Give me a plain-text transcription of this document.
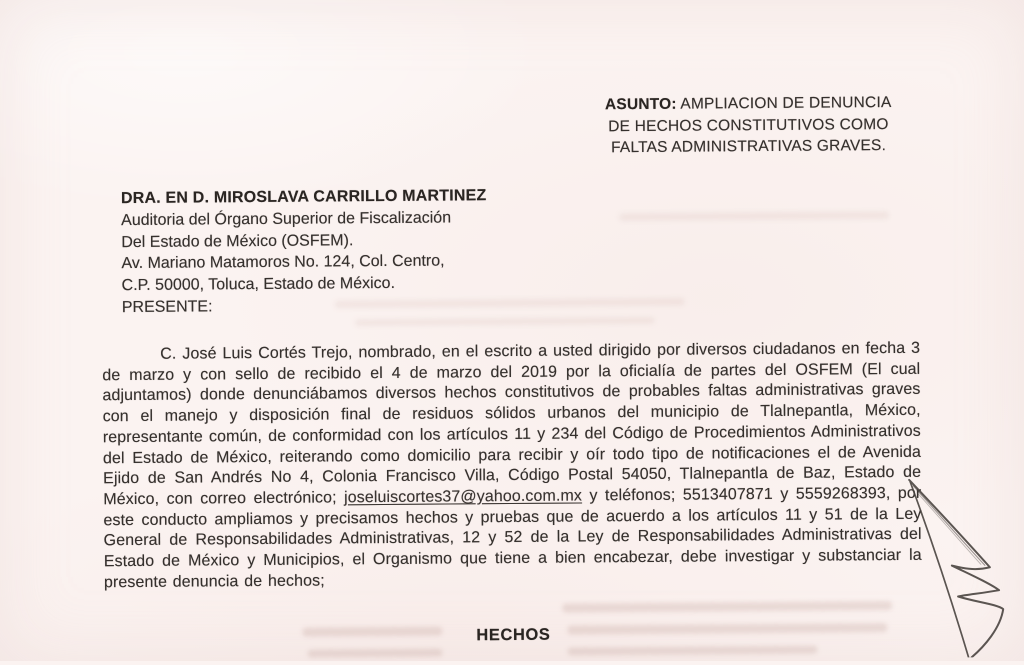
ASUNTO: AMPLIACION DE DENUNCIA
DE HECHOS CONSTITUTIVOS COMO
FALTAS ADMINISTRATIVAS GRAVES.
DRA. EN D. MIROSLAVA CARRILLO MARTINEZ
Auditoria del Órgano Superior de Fiscalización
Del Estado de México (OSFEM).
Av. Mariano Matamoros No. 124, Col. Centro,
C.P. 50000, Toluca, Estado de México.
PRESENTE:

C. José Luis Cortés Trejo, nombrado, en el escrito a usted dirigido por diversos ciudadanos en fecha 3 de marzo y con sello de recibido el 4 de marzo del 2019 por la oficialía de partes del OSFEM (El cual adjuntamos) donde denunciábamos diversos hechos constitutivos de probables faltas administrativas graves con el manejo y disposición final de residuos sólidos urbanos del municipio de Tlalnepantla, México, representante común, de conformidad con los artículos 11 y 234 del Código de Procedimientos Administrativos del Estado de México, reiterando como domicilio para recibir y oír todo tipo de notificaciones el de Avenida Ejido de San Andrés No 4, Colonia Francisco Villa, Código Postal 54050, Tlalnepantla de Baz, Estado de México, con correo electrónico; joseluiscortes37@yahoo.com.mx y teléfonos; 5513407871 y 5559268393, por este conducto ampliamos y precisamos hechos y pruebas que de acuerdo a los artículos 11 y 51 de la Ley General de Responsabilidades Administrativas, 12 y 52 de la Ley de Responsabilidades Administrativas del Estado de México y Municipios, el Organismo que tiene a bien encabezar, debe investigar y substanciar la presente denuncia de hechos;

HECHOS
